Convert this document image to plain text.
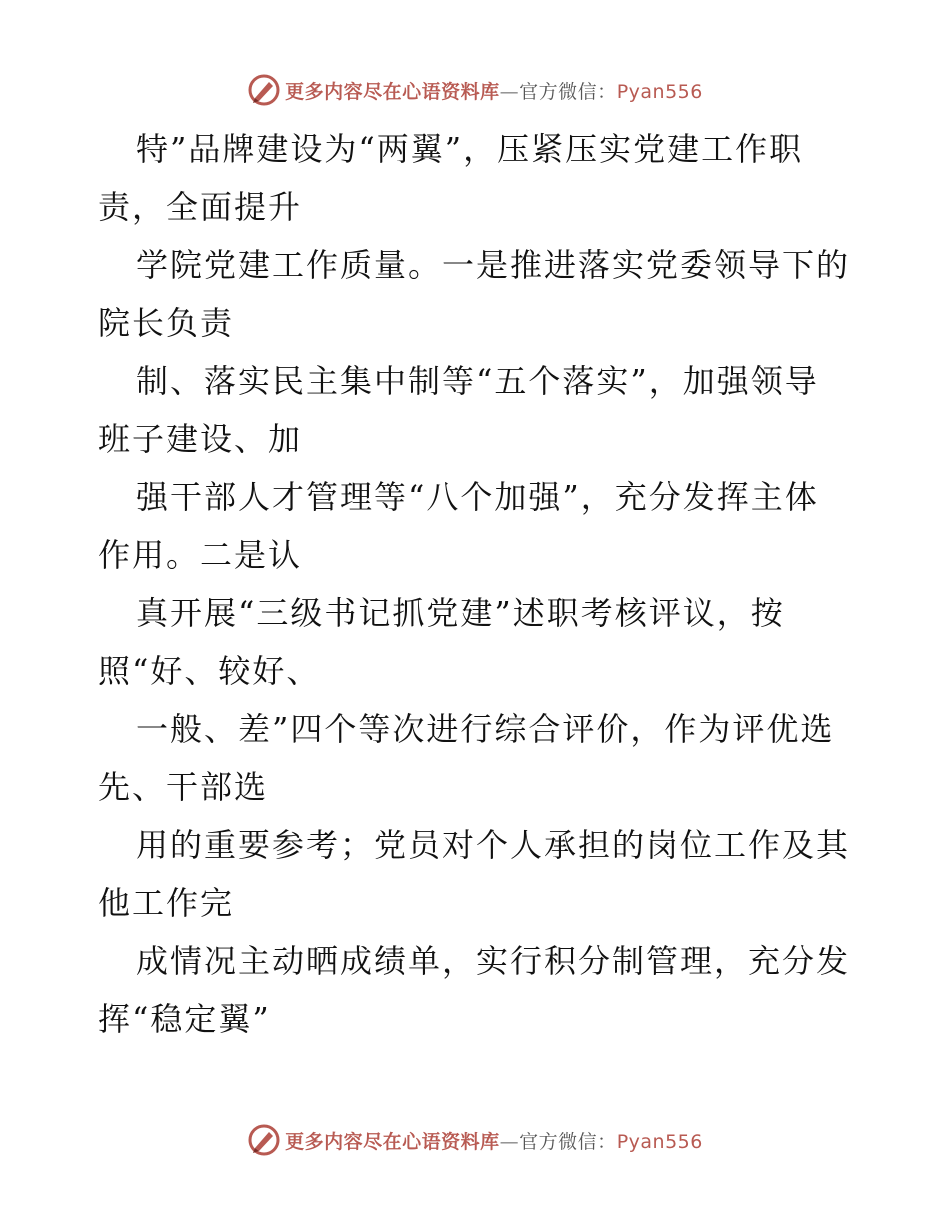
更多内容尽在心语资料库—官方微信：Pyan556
特”品牌建设为“两翼”，压紧压实党建工作职
责，全面提升
学院党建工作质量。一是推进落实党委领导下的
院长负责
制、落实民主集中制等“五个落实”，加强领导
班子建设、加
强干部人才管理等“八个加强”，充分发挥主体
作用。二是认
真开展“三级书记抓党建”述职考核评议，按
照“好、较好、
一般、差”四个等次进行综合评价，作为评优选
先、干部选
用的重要参考；党员对个人承担的岗位工作及其
他工作完
成情况主动晒成绩单，实行积分制管理，充分发
挥“稳定翼”
更多内容尽在心语资料库—官方微信：Pyan556
